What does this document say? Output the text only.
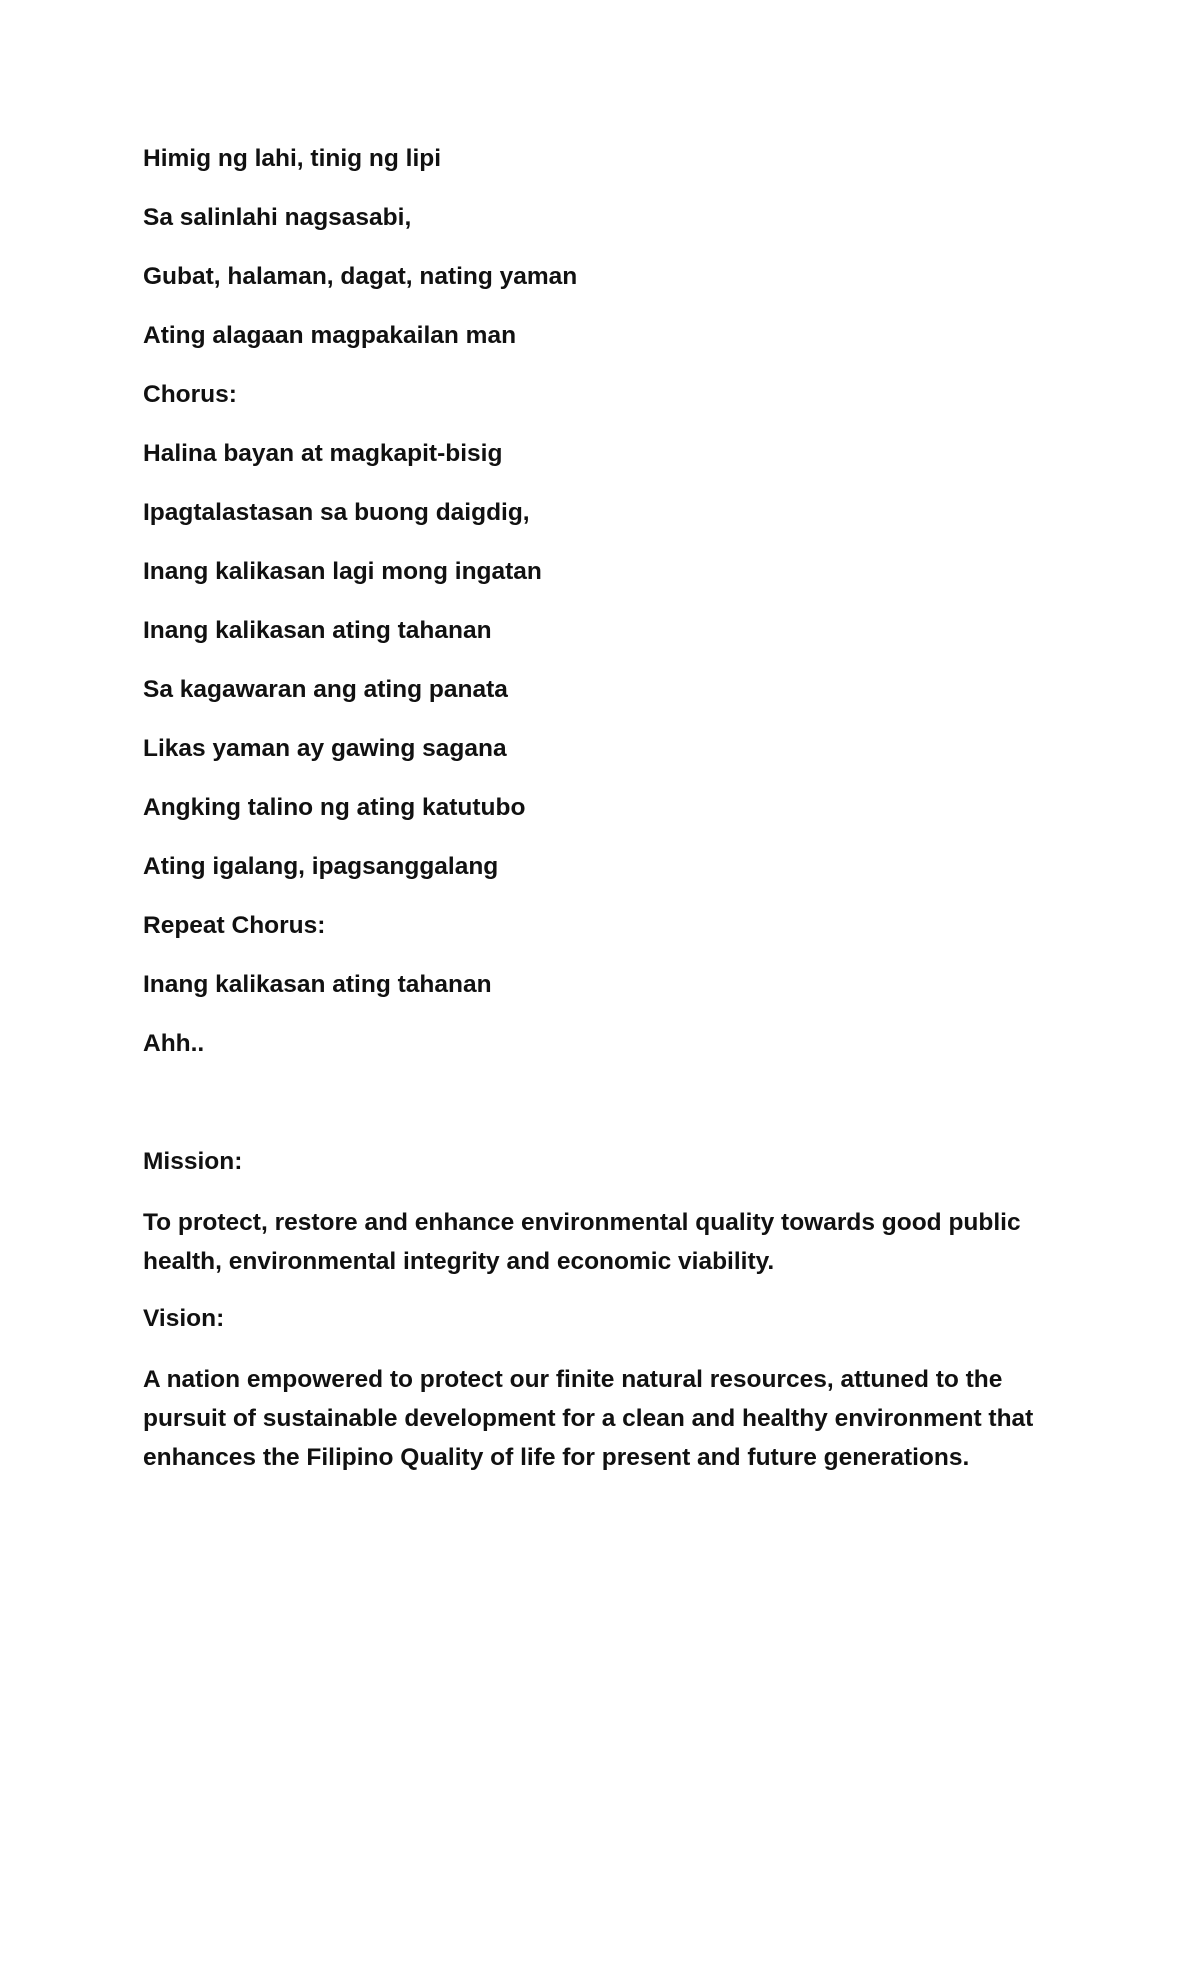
Himig ng lahi, tinig ng lipi

Sa salinlahi nagsasabi,

Gubat, halaman, dagat, nating yaman

Ating alagaan magpakailan man

Chorus:

Halina bayan at magkapit-bisig

Ipagtalastasan sa buong daigdig,

Inang kalikasan lagi mong ingatan

Inang kalikasan ating tahanan

Sa kagawaran ang ating panata

Likas yaman ay gawing sagana

Angking talino ng ating katutubo

Ating igalang, ipagsanggalang

Repeat Chorus:

Inang kalikasan ating tahanan

Ahh..

Mission:

To protect, restore and enhance environmental quality towards good public health, environmental integrity and economic viability.

Vision:

A nation empowered to protect our finite natural resources, attuned to the pursuit of sustainable development for a clean and healthy environment that enhances the Filipino Quality of life for present and future generations.
